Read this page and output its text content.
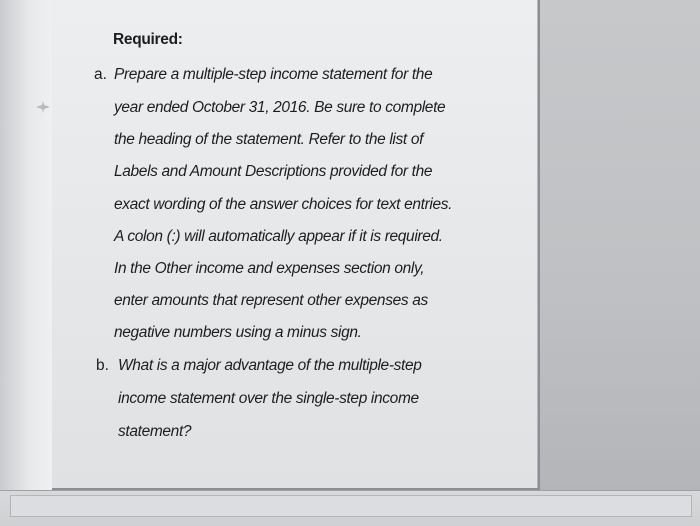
Required:
a. Prepare a multiple-step income statement for the
year ended October 31, 2016. Be sure to complete
the heading of the statement. Refer to the list of
Labels and Amount Descriptions provided for the
exact wording of the answer choices for text entries.
A colon (:) will automatically appear if it is required.
In the Other income and expenses section only,
enter amounts that represent other expenses as
negative numbers using a minus sign.
b. What is a major advantage of the multiple-step
income statement over the single-step income
statement?
